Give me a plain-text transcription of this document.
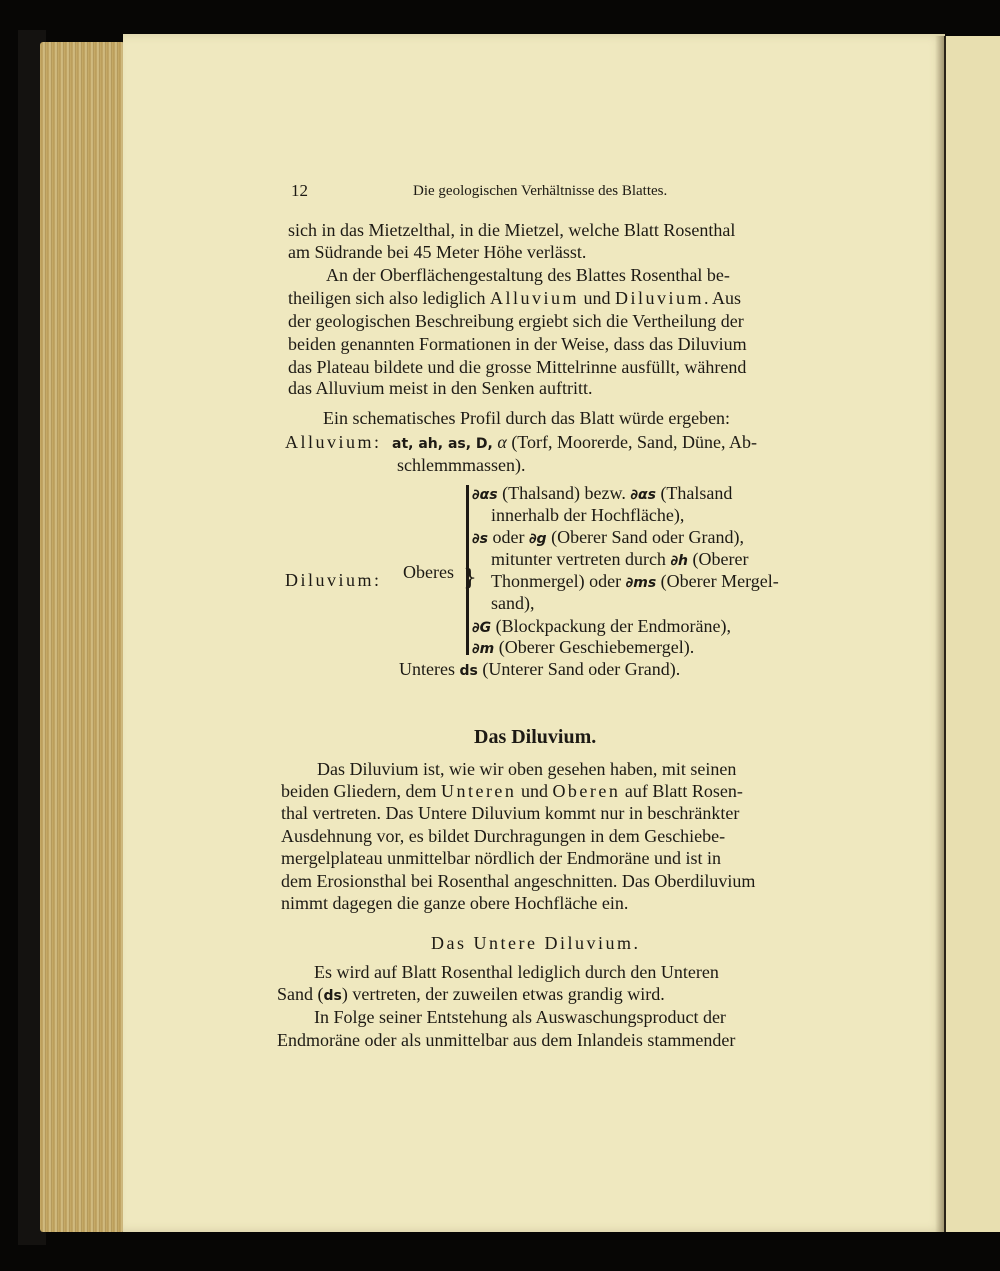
12	Die geologischen Verhältnisse des Blattes.
sich in das Mietzelthal, in die Mietzel, welche Blatt Rosenthal
am Südrande bei 45 Meter Höhe verlässt.
An der Oberflächengestaltung des Blattes Rosenthal be-
theiligen sich also lediglich Alluvium und Diluvium. Aus
der geologischen Beschreibung ergiebt sich die Vertheilung der
beiden genannten Formationen in der Weise, dass das Diluvium
das Plateau bildete und die grosse Mittelrinne ausfüllt, während
das Alluvium meist in den Senken auftritt.
Ein schematisches Profil durch das Blatt würde ergeben:
Alluvium: at, ah, as, D, α (Torf, Moorerde, Sand, Düne, Ab-
schlemmmassen).
}
∂αs (Thalsand) bezw. ∂αs (Thalsand
innerhalb der Hochfläche),
∂s oder ∂g (Oberer Sand oder Grand),
mitunter vertreten durch ∂h (Oberer
Thonmergel) oder ∂ms (Oberer Mergel-
sand),
∂G (Blockpackung der Endmoräne),
∂m (Oberer Geschiebemergel).
Diluvium: Oberes
Unteres ds (Unterer Sand oder Grand).
Das Diluvium.
Das Diluvium ist, wie wir oben gesehen haben, mit seinen
beiden Gliedern, dem Unteren und Oberen auf Blatt Rosen-
thal vertreten. Das Untere Diluvium kommt nur in beschränkter
Ausdehnung vor, es bildet Durchragungen in dem Geschiebe-
mergelplateau unmittelbar nördlich der Endmoräne und ist in
dem Erosionsthal bei Rosenthal angeschnitten. Das Oberdiluvium
nimmt dagegen die ganze obere Hochfläche ein.
Das Untere Diluvium.
Es wird auf Blatt Rosenthal lediglich durch den Unteren
Sand (ds) vertreten, der zuweilen etwas grandig wird.
In Folge seiner Entstehung als Auswaschungsproduct der
Endmoräne oder als unmittelbar aus dem Inlandeis stammender
